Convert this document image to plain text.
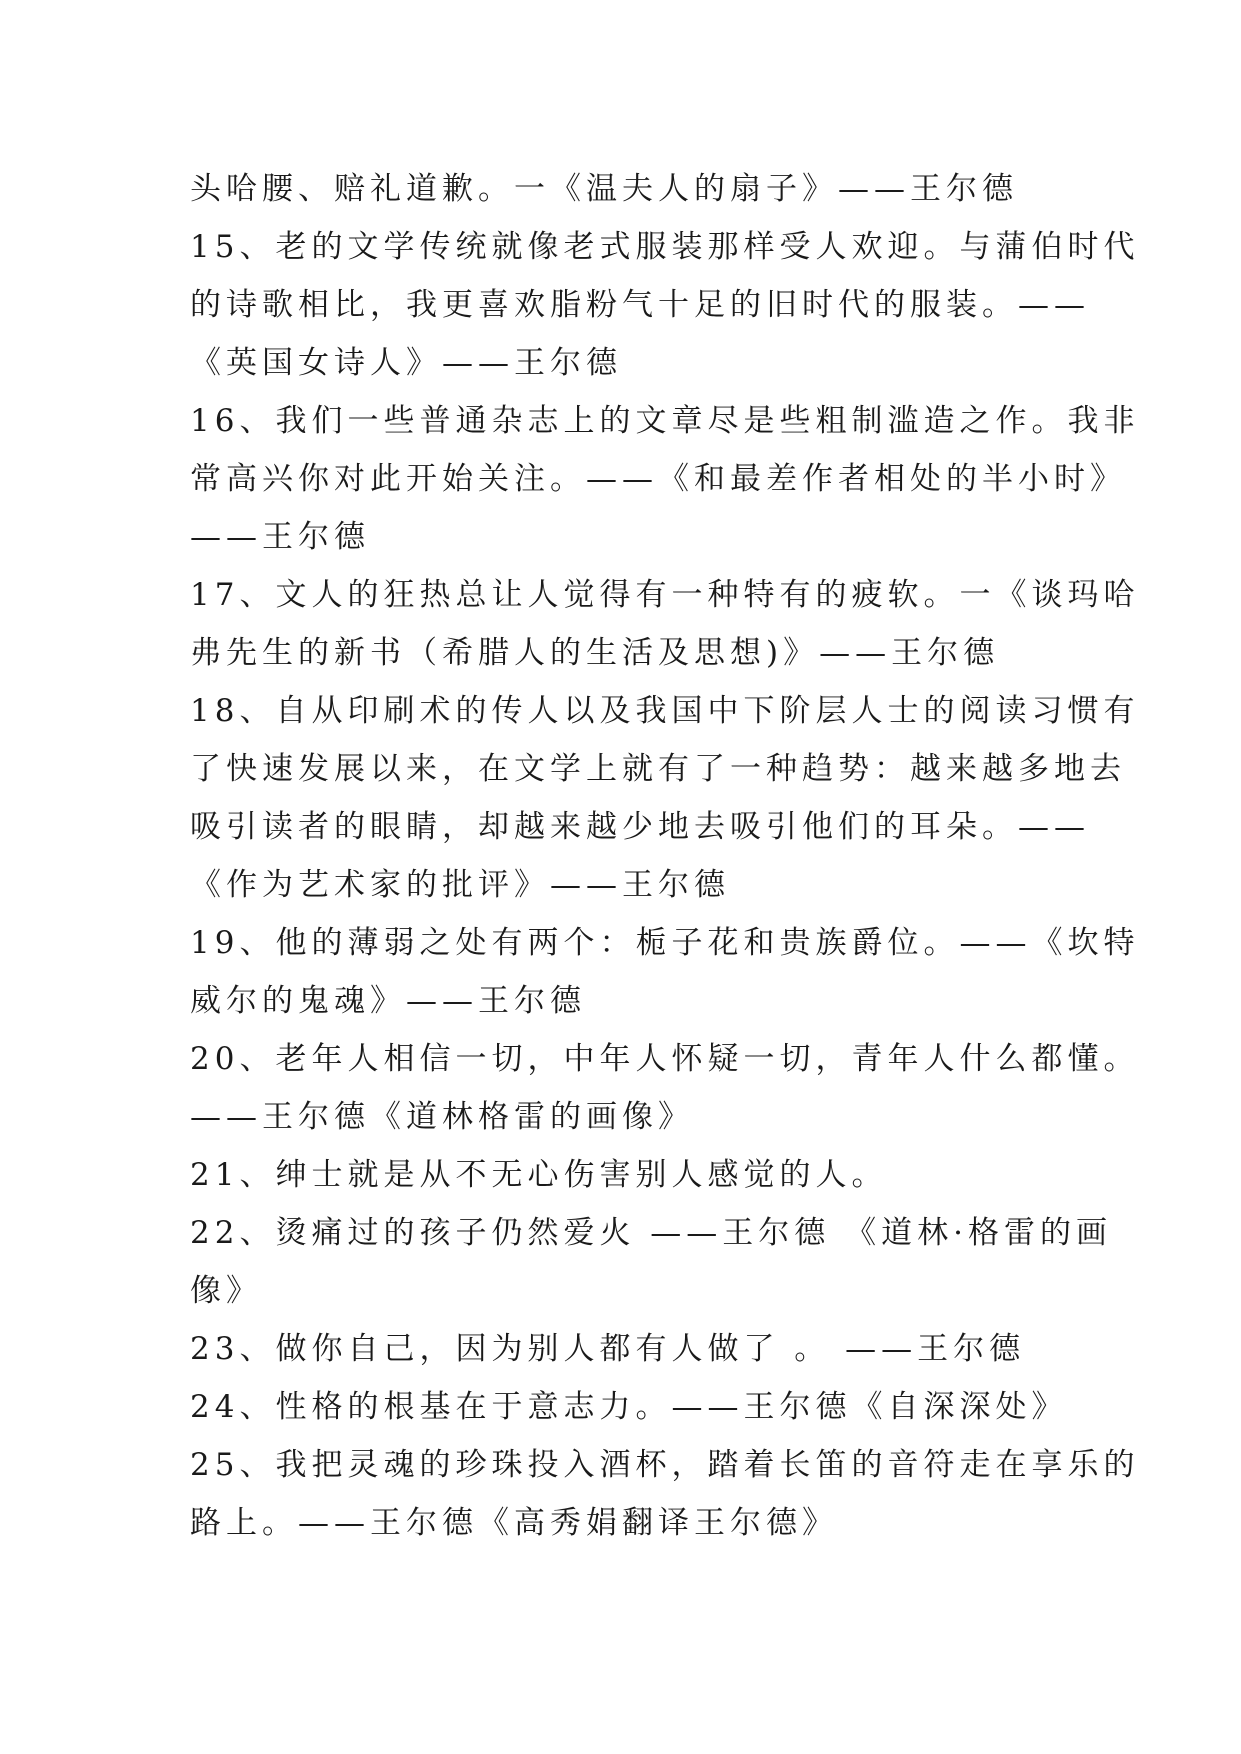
头哈腰、赔礼道歉。一《温夫人的扇子》——王尔德
15、老的文学传统就像老式服装那样受人欢迎。与蒲伯时代
的诗歌相比，我更喜欢脂粉气十足的旧时代的服装。——
《英国女诗人》——王尔德
16、我们一些普通杂志上的文章尽是些粗制滥造之作。我非
常高兴你对此开始关注。——《和最差作者相处的半小时》
——王尔德
17、文人的狂热总让人觉得有一种特有的疲软。一《谈玛哈
弗先生的新书（希腊人的生活及思想)》——王尔德
18、自从印刷术的传人以及我国中下阶层人士的阅读习惯有
了快速发展以来，在文学上就有了一种趋势：越来越多地去
吸引读者的眼睛，却越来越少地去吸引他们的耳朵。——
《作为艺术家的批评》——王尔德
19、他的薄弱之处有两个：栀子花和贵族爵位。——《坎特
威尔的鬼魂》——王尔德
20、老年人相信一切，中年人怀疑一切，青年人什么都懂。
——王尔德《道林格雷的画像》
21、绅士就是从不无心伤害别人感觉的人。
22、烫痛过的孩子仍然爱火 ——王尔德 《道林·格雷的画
像》
23、做你自己，因为别人都有人做了 。 ——王尔德
24、性格的根基在于意志力。——王尔德《自深深处》
25、我把灵魂的珍珠投入酒杯，踏着长笛的音符走在享乐的
路上。——王尔德《高秀娟翻译王尔德》
